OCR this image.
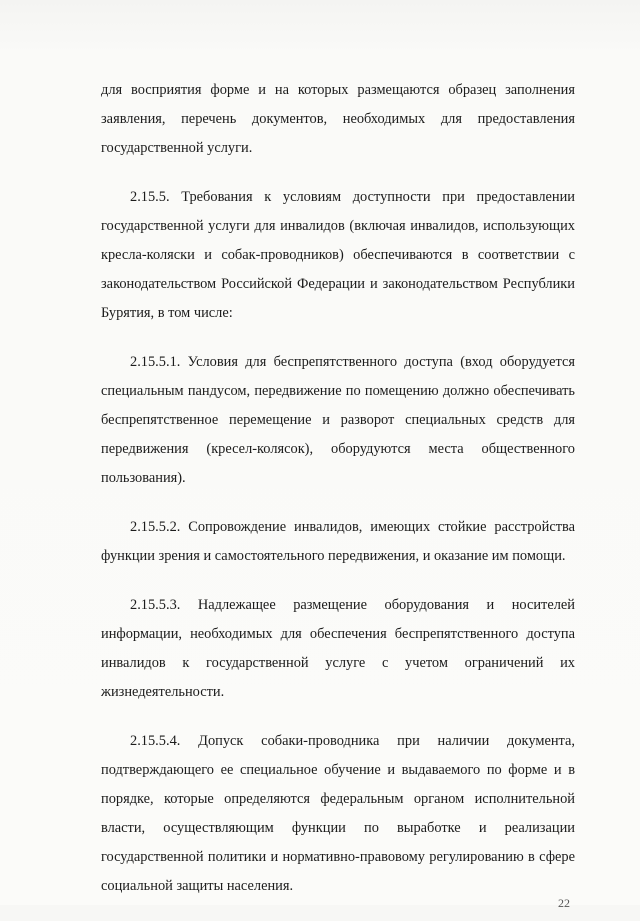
для восприятия форме и на которых размещаются образец заполнения заявления, перечень документов, необходимых для предоставления государственной услуги.

2.15.5. Требования к условиям доступности при предоставлении государственной услуги для инвалидов (включая инвалидов, использующих кресла-коляски и собак-проводников) обеспечиваются в соответствии с законодательством Российской Федерации и законодательством Республики Бурятия, в том числе:

2.15.5.1. Условия для беспрепятственного доступа (вход оборудуется специальным пандусом, передвижение по помещению должно обеспечивать беспрепятственное перемещение и разворот специальных средств для передвижения (кресел-колясок), оборудуются места общественного пользования).

2.15.5.2. Сопровождение инвалидов, имеющих стойкие расстройства функции зрения и самостоятельного передвижения, и оказание им помощи.

2.15.5.3. Надлежащее размещение оборудования и носителей информации, необходимых для обеспечения беспрепятственного доступа инвалидов к государственной услуге с учетом ограничений их жизнедеятельности.

2.15.5.4. Допуск собаки-проводника при наличии документа, подтверждающего ее специальное обучение и выдаваемого по форме и в порядке, которые определяются федеральным органом исполнительной власти, осуществляющим функции по выработке и реализации государственной политики и нормативно-правовому регулированию в сфере социальной защиты населения.

22
